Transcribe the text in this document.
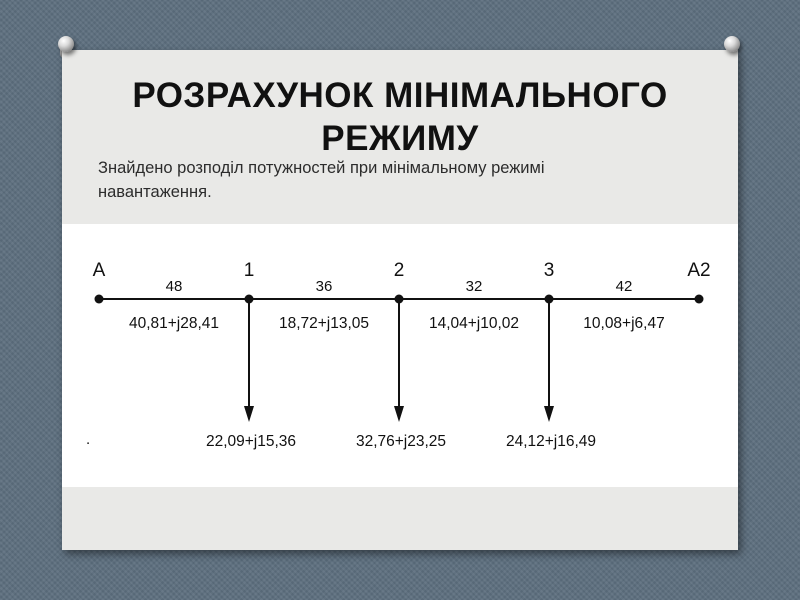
РОЗРАХУНОК МІНІМАЛЬНОГО
РЕЖИМУ
Знайдено розподіл потужностей при мінімальному режимі
навантаження.
A	1	2	3	A2
48
40,81+j28,41
36
18,72+j13,05
32
14,04+j10,02
42
10,08+j6,47
22,09+j15,36	32,76+j23,25	24,12+j16,49
.
